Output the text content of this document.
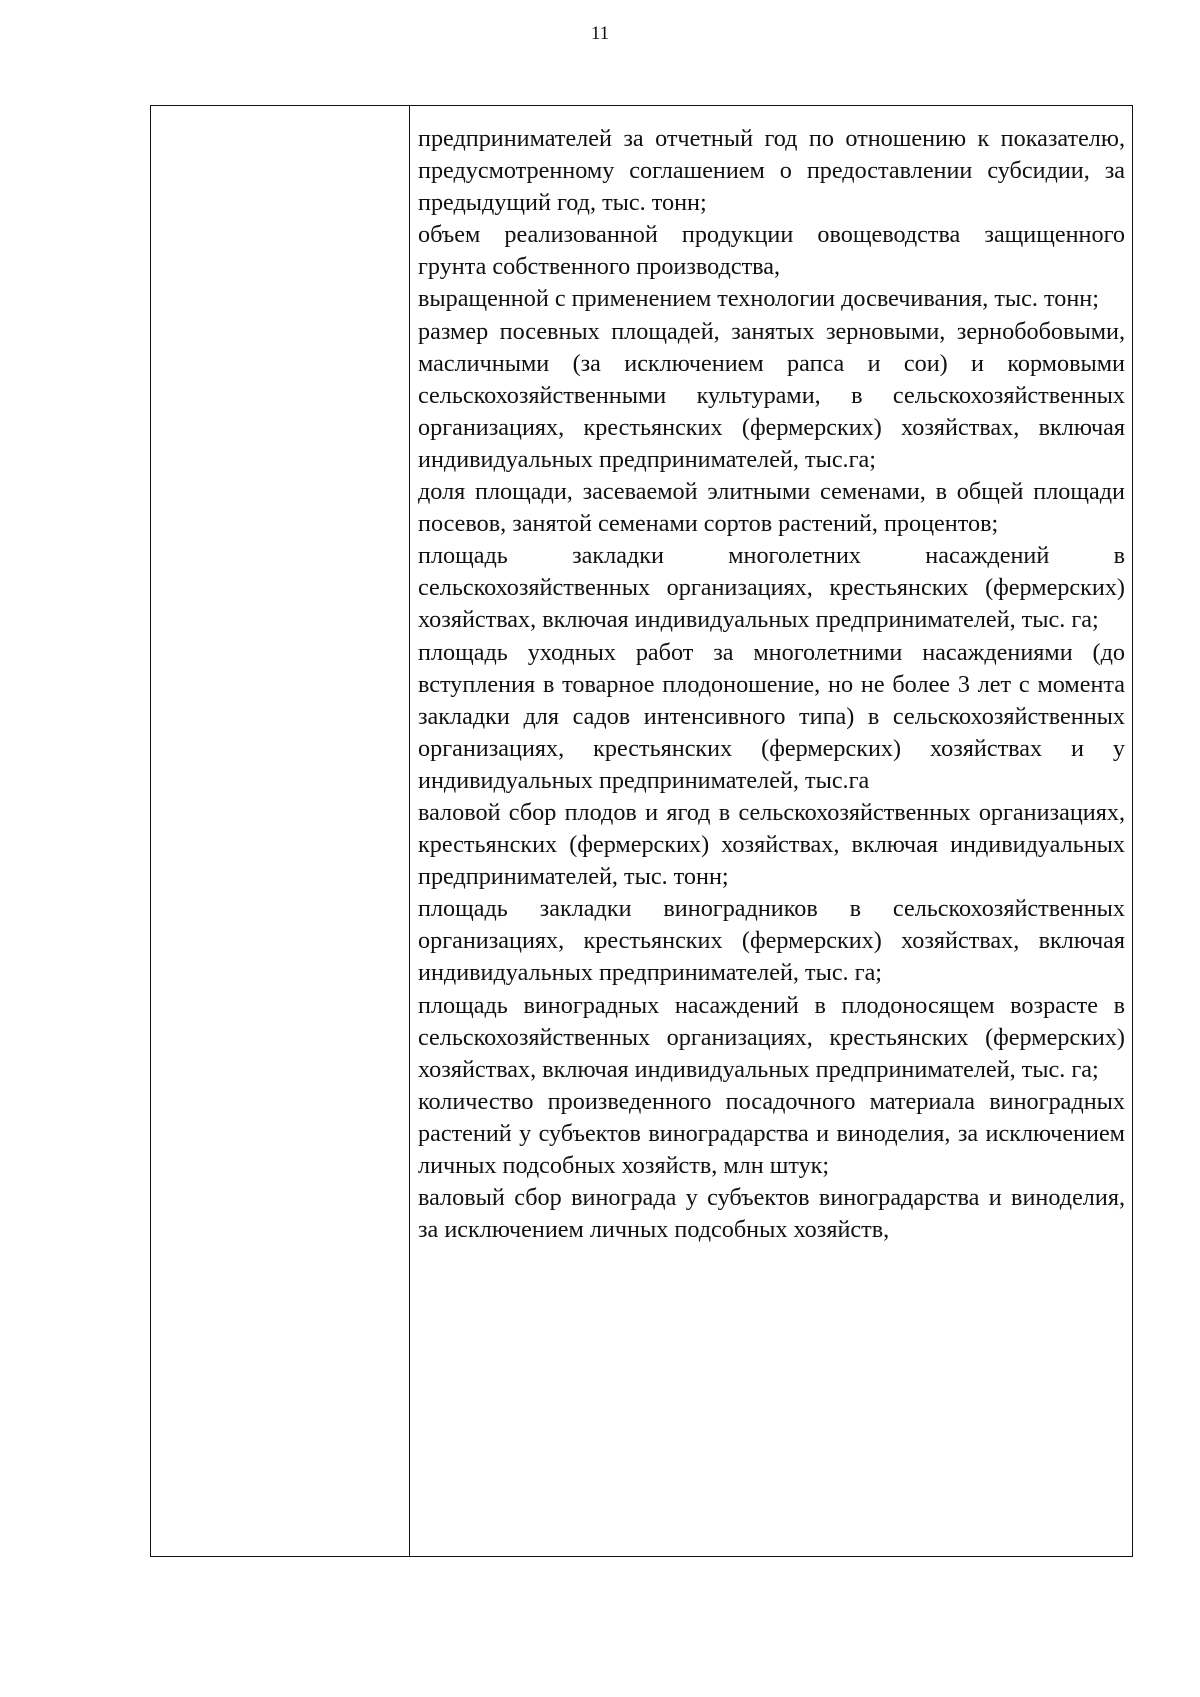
11

предпринимателей за отчетный год по отношению к показателю, предусмотренному соглашением о предоставлении субсидии, за предыдущий год, тыс. тонн;

объем реализованной продукции овощеводства защищенного грунта собственного производства,

выращенной с применением технологии досвечивания, тыс. тонн;

размер посевных площадей, занятых зерновыми, зернобобовыми, масличными (за исключением рапса и сои) и кормовыми сельскохозяйственными культурами, в сельскохозяйственных организациях, крестьянских (фермерских) хозяйствах, включая индивидуальных предпринимателей, тыс.га;

доля площади, засеваемой элитными семенами, в общей площади посевов, занятой семенами сортов растений, процентов;

площадь закладки многолетних насаждений в сельскохозяйственных организациях, крестьянских (фермерских) хозяйствах, включая индивидуальных предпринимателей, тыс. га;

площадь уходных работ за многолетними насаждениями (до вступления в товарное плодоношение, но не более 3 лет с момента закладки для садов интенсивного типа) в сельскохозяйственных организациях, крестьянских (фермерских) хозяйствах и у индивидуальных предпринимателей, тыс.га

валовой сбор плодов и ягод в сельскохозяйственных организациях, крестьянских (фермерских) хозяйствах, включая индивидуальных предпринимателей, тыс. тонн;

площадь закладки виноградников в сельскохозяйственных организациях, крестьянских (фермерских) хозяйствах, включая индивидуальных предпринимателей, тыс. га;

площадь виноградных насаждений в плодоносящем возрасте в сельскохозяйственных организациях, крестьянских (фермерских) хозяйствах, включая индивидуальных предпринимателей, тыс. га;

количество произведенного посадочного материала виноградных растений у субъектов виноградарства и виноделия, за исключением личных подсобных хозяйств, млн штук;

валовый сбор винограда у субъектов виноградарства и виноделия, за исключением личных подсобных хозяйств,
